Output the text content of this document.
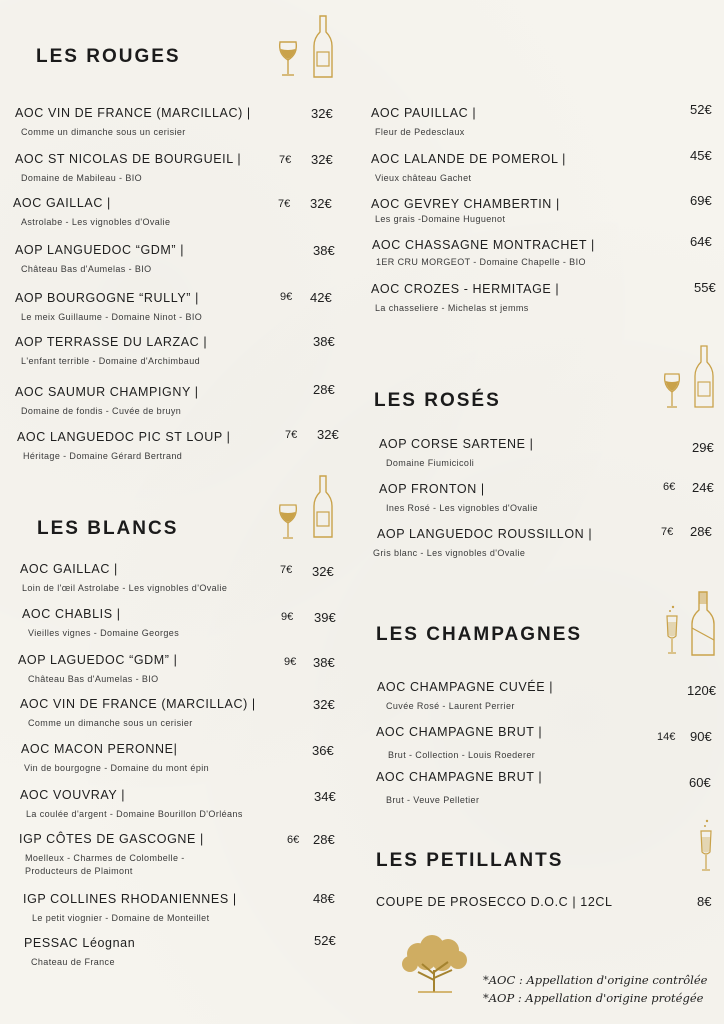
LES ROUGES
AOC VIN DE FRANCE (MARCILLAC) |
Comme un dimanche sous un cerisier
32€
AOC ST NICOLAS DE BOURGUEIL |
Domaine de Mabileau - BIO
7€ 32€
AOC GAILLAC |
Astrolabe - Les vignobles d'Ovalie
7€ 32€
AOP LANGUEDOC “GDM” |
Château Bas d'Aumelas - BIO
38€
AOP BOURGOGNE “RULLY” |
Le meix Guillaume - Domaine Ninot - BIO
9€ 42€
AOP TERRASSE DU LARZAC |
L'enfant terrible - Domaine d'Archimbaud
38€
AOC SAUMUR CHAMPIGNY |
Domaine de fondis - Cuvée de bruyn
28€
AOC LANGUEDOC PIC ST LOUP |
Héritage - Domaine Gérard Bertrand
7€ 32€
AOC PAUILLAC |
Fleur de Pedesclaux
52€
AOC LALANDE DE POMEROL |
Vieux château Gachet
45€
AOC GEVREY CHAMBERTIN |
Les grais -Domaine Huguenot
69€
AOC CHASSAGNE MONTRACHET |
1ER CRU MORGEOT - Domaine Chapelle - BIO
64€
AOC CROZES - HERMITAGE |
La chasseliere - Michelas st jemms
55€
LES ROSÉS
AOP CORSE SARTENE |
Domaine Fiumicicoli
29€
AOP FRONTON |
Ines Rosé - Les vignobles d'Ovalie
6€ 24€
AOP LANGUEDOC ROUSSILLON |
Gris blanc - Les vignobles d'Ovalie
7€ 28€
LES CHAMPAGNES
AOC CHAMPAGNE CUVÉE |
Cuvée Rosé - Laurent Perrier
120€
AOC CHAMPAGNE BRUT |
Brut - Collection - Louis Roederer
14€ 90€
AOC CHAMPAGNE BRUT |
Brut - Veuve Pelletier
60€
LES PETILLANTS
COUPE DE PROSECCO D.O.C | 12CL	8€
LES BLANCS
AOC GAILLAC |
Loin de l'œil Astrolabe - Les vignobles d'Ovalie
7€ 32€
AOC CHABLIS |
Vieilles vignes - Domaine Georges
9€ 39€
AOP LAGUEDOC “GDM” |
Château Bas d'Aumelas - BIO
9€ 38€
AOC VIN DE FRANCE (MARCILLAC) |
Comme un dimanche sous un cerisier
32€
AOC MACON PERONNE|
Vin de bourgogne - Domaine du mont épin
36€
AOC VOUVRAY |
La coulée d'argent - Domaine Bourillon D'Orléans
34€
IGP CÔTES DE GASCOGNE |
Moelleux - Charmes de Colombelle -
Producteurs de Plaimont
6€ 28€
IGP COLLINES RHODANIENNES |
Le petit viognier - Domaine de Monteillet
48€
PESSAC Léognan
Chateau de France
52€
*AOC : Appellation d'origine contrôlée
*AOP : Appellation d'origine protégée
